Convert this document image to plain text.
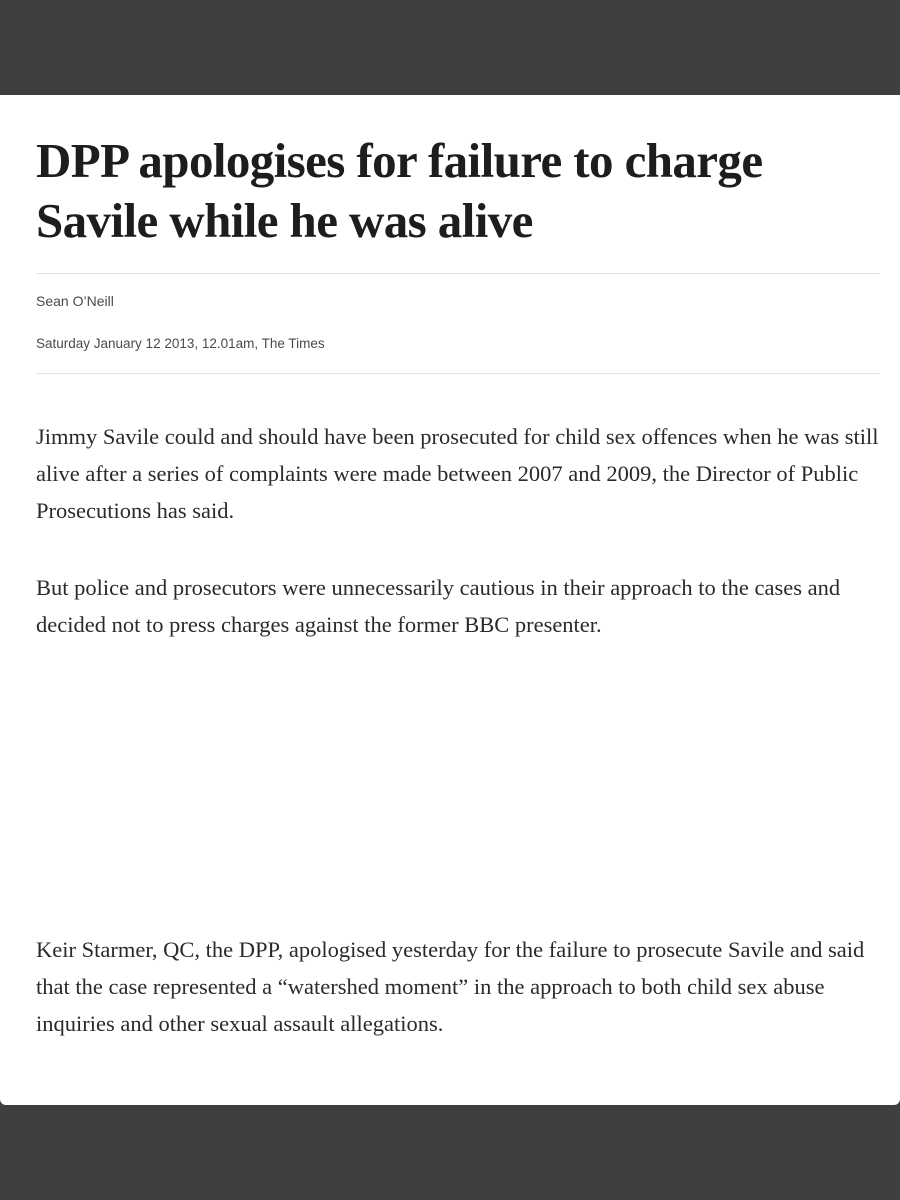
DPP apologises for failure to charge Savile while he was alive
Sean O’Neill
Saturday January 12 2013, 12.01am, The Times

Jimmy Savile could and should have been prosecuted for child sex offences when he was still alive after a series of complaints were made between 2007 and 2009, the Director of Public Prosecutions has said.

But police and prosecutors were unnecessarily cautious in their approach to the cases and decided not to press charges against the former BBC presenter.

Keir Starmer, QC, the DPP, apologised yesterday for the failure to prosecute Savile and said that the case represented a “watershed moment” in the approach to both child sex abuse inquiries and other sexual assault allegations.
